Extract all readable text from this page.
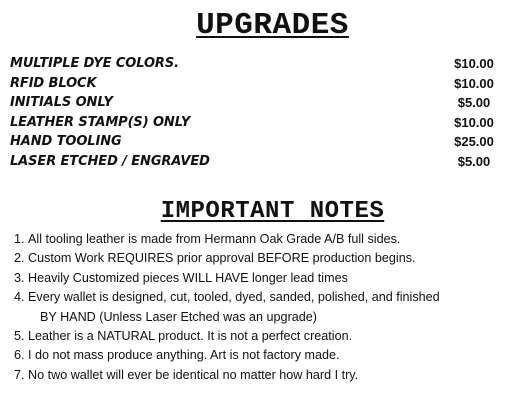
UPGRADES
MULTIPLE DYE COLORS.	$10.00
RFID BLOCK	$10.00
INITIALS ONLY	$5.00
LEATHER STAMP(S) ONLY	$10.00
HAND TOOLING	$25.00
LASER ETCHED / ENGRAVED	$5.00
IMPORTANT NOTES
1. All tooling leather is made from Hermann Oak Grade A/B full sides.
2. Custom Work REQUIRES prior approval BEFORE production begins.
3. Heavily Customized pieces WILL HAVE longer lead times
4. Every wallet is designed, cut, tooled, dyed, sanded, polished, and finished
BY HAND (Unless Laser Etched was an upgrade)
5. Leather is a NATURAL product. It is not a perfect creation.
6. I do not mass produce anything. Art is not factory made.
7. No two wallet will ever be identical no matter how hard I try.
